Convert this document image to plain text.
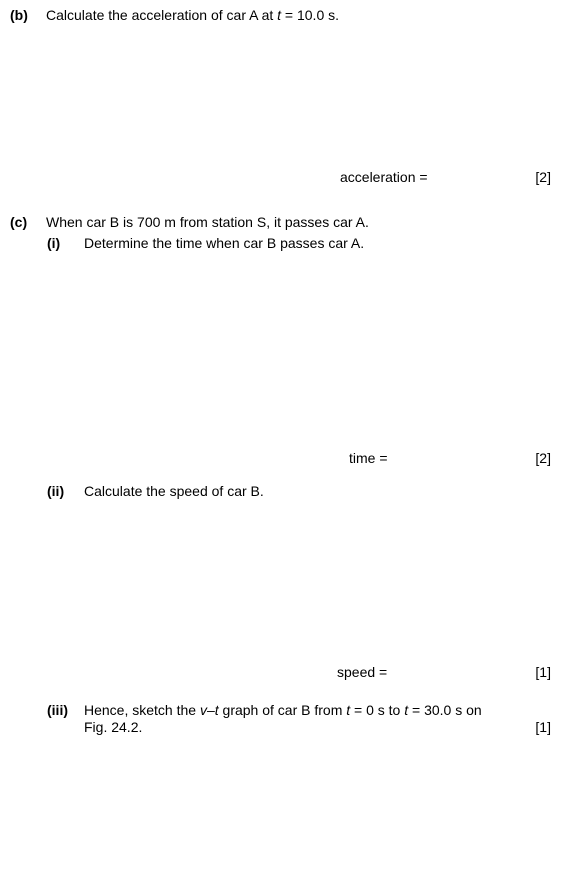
(b) Calculate the acceleration of car A at t = 10.0 s.
acceleration =	[2]
(c) When car B is 700 m from station S, it passes car A.
(i) Determine the time when car B passes car A.
time =	[2]
(ii) Calculate the speed of car B.
speed =	[1]
(iii) Hence, sketch the v–t graph of car B from t = 0 s to t = 30.0 s on
Fig. 24.2.	[1]
